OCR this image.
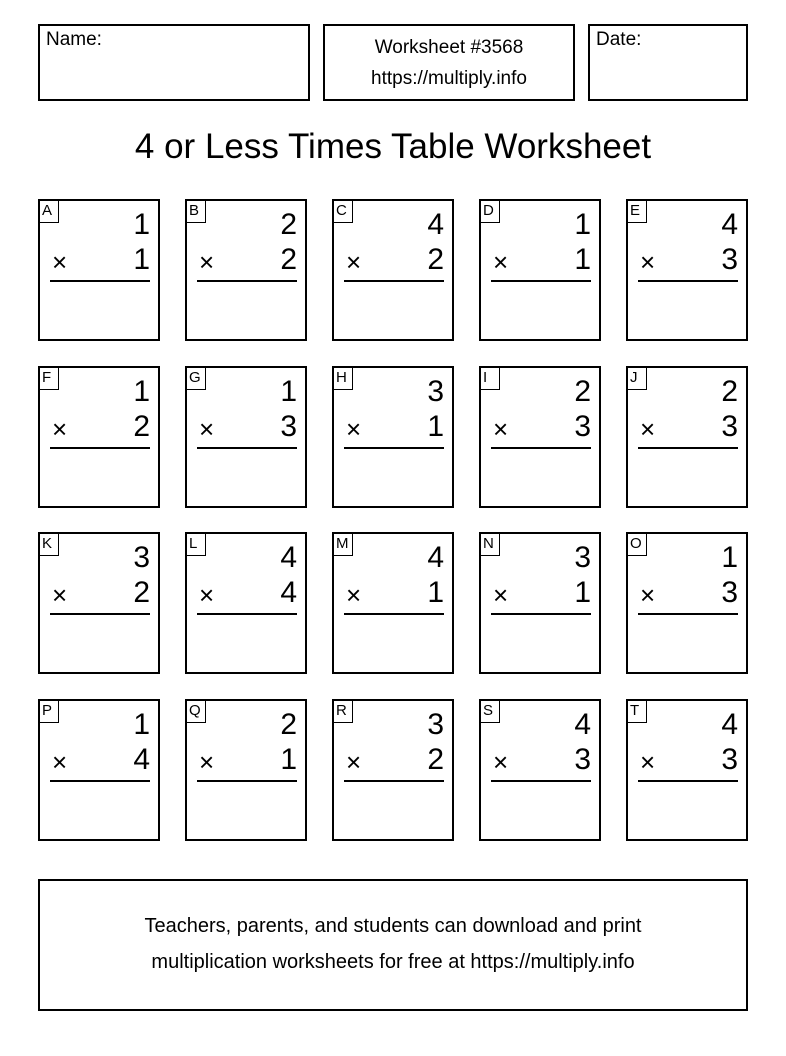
Name:	Worksheet #3568
https://multiply.info
Date:
4 or Less Times Table Worksheet
A	1
× 1
B	2
× 2
C	4
× 2
D	1
× 1
E	4
× 3
F	1
× 2
G	1
× 3
H	3
× 1
I	2
× 3
J	2
× 3
K	3
× 2
L	4
× 4
M	4
× 1
N	3
× 1
O	1
× 3
P	1
× 4
Q	2
× 1
R	3
× 2
S	4
× 3
T	4
× 3
Teachers, parents, and students can download and print
multiplication worksheets for free at https://multiply.info
